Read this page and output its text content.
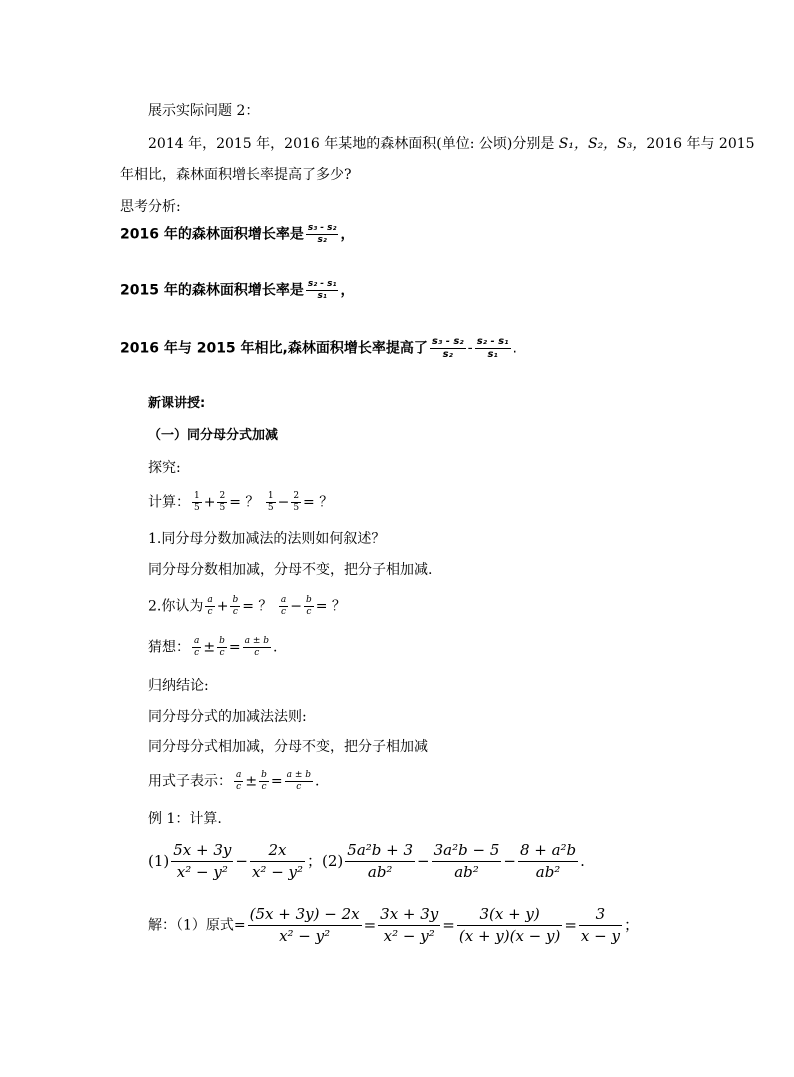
展示实际问题 2：
2014 年，2015 年，2016 年某地的森林面积(单位: 公顷)分别是 S₁，S₂，S₃，2016 年与 2015
年相比，森林面积增长率提高了多少?
思考分析:
2016 年的森林面积增长率是 $\frac{\text{s₃ - s₂}}{\text{s₂}}$ ，
2015 年的森林面积增长率是 $\frac{\text{s₂ - s₁}}{\text{s₁}}$ ，
2016 年与 2015 年相比,森林面积增长率提高了 $\frac{\text{s₃ - s₂}}{\text{s₂}} - \frac{\text{s₂ - s₁}}{\text{s₁}}$ .
新课讲授:
（一）同分母分式加减
探究:
计算： $\frac{1}{5} + \frac{2}{5}$ = ？ $\frac{1}{5} - \frac{2}{5}$ = ？
1.同分母分数加减法的法则如何叙述？
同分母分数相加减，分母不变，把分子相加减.
2.你认为 $\frac{a}{c} + \frac{b}{c}$ = ？ $\frac{a}{c} - \frac{b}{c}$ = ？
猜想： $\frac{a}{c} \pm \frac{b}{c} = \frac{a \pm b}{c}$ .
归纳结论:
同分母分式的加减法法则:
同分母分式相加减，分母不变，把分子相加减
用式子表示： $\frac{a}{c} \pm \frac{b}{c} = \frac{a \pm b}{c}$ .
例 1：计算.
$(1) \frac{5x + 3y}{\text{x² − y²}} - \frac{2x}{\text{x² − y²}}$ ；$(2) \frac{\text{5a²b + 3}}{\text{ab²}} - \frac{\text{3a²b − 5}}{\text{ab²}} - \frac{\text{8 + a²b}}{\text{ab²}}$ .
解：（1）原式= $\frac{(5x + 3y) - 2x}{\text{x² − y²}} = \frac{3x + 3y}{\text{x² − y²}} = \frac{3(x + y)}{(x + y)(x - y)} = \frac{3}{x - y}$ ；
